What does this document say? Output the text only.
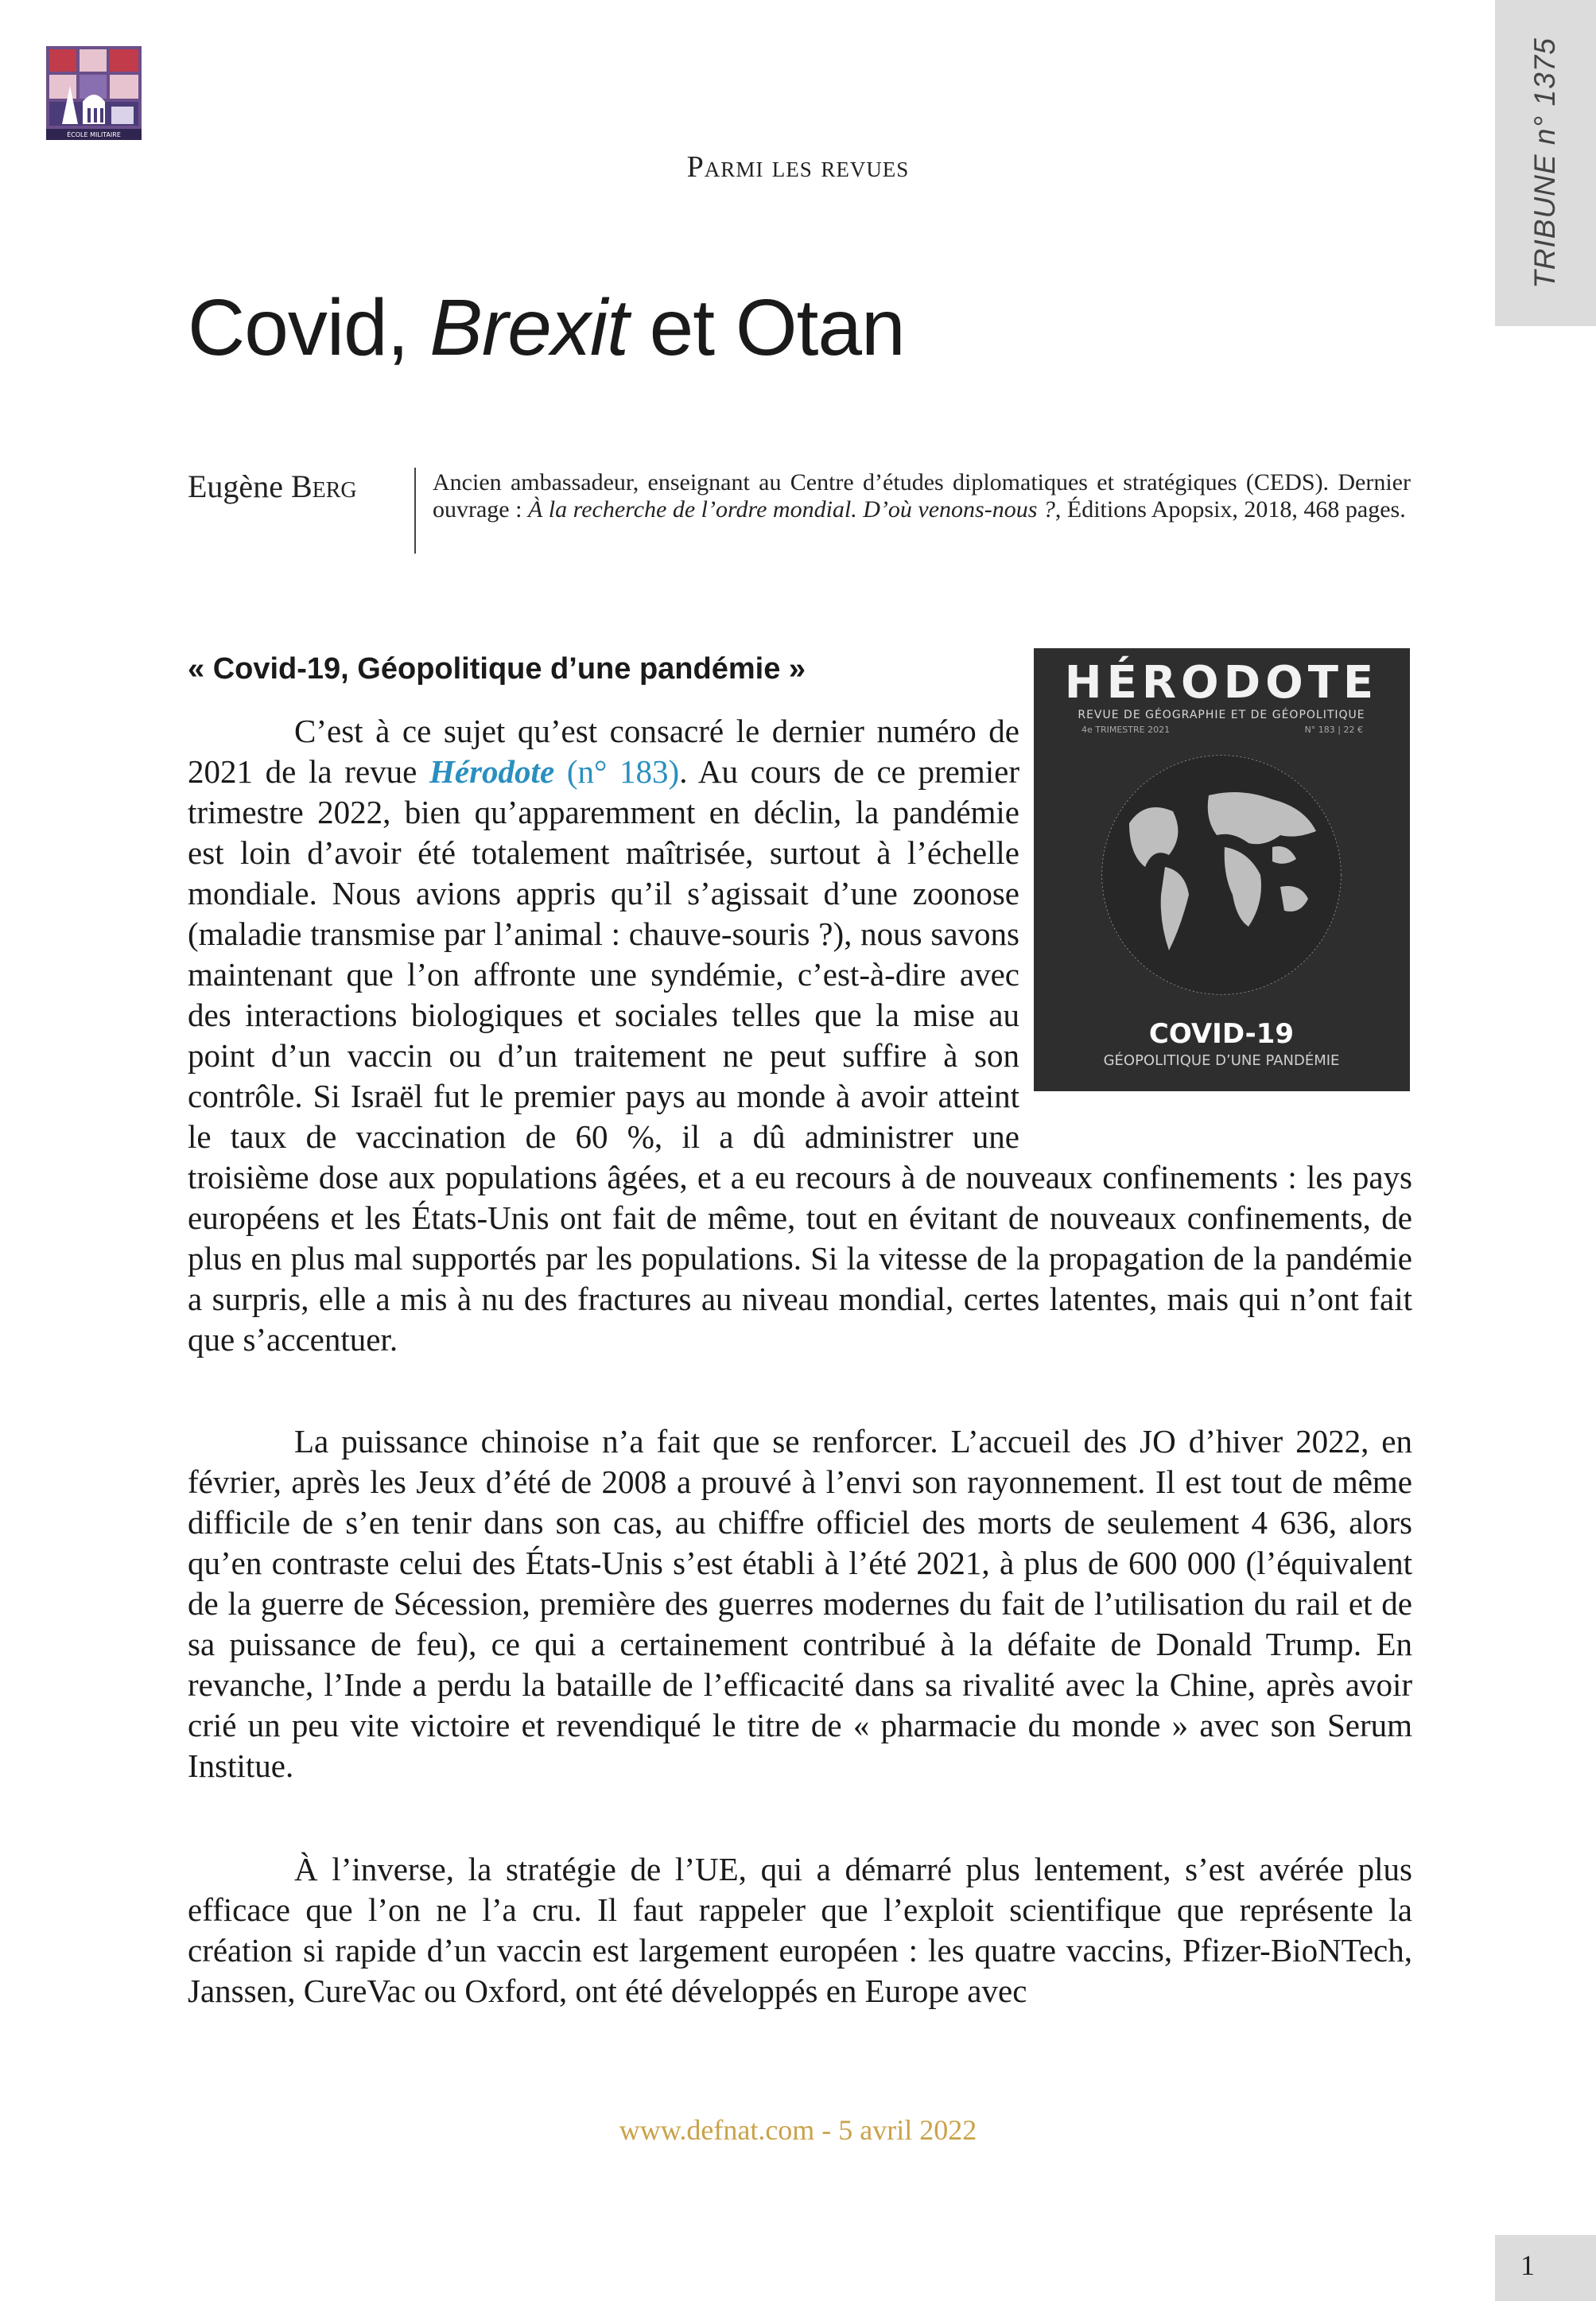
ÉCOLE MILITAIRE	TRIBUNE n° 1375
Parmi les revues
Covid, Brexit et Otan
Eugène Berg	Ancien ambassadeur, enseignant au Centre d’études diplomatiques et stratégiques (CEDS). Dernier ouvrage : À la recherche de l’ordre mondial. D’où venons-nous ?, Éditions Apopsix, 2018, 468 pages.
« Covid-19, Géopolitique d’une pandémie »	HÉRODOTE
REVUE DE GÉOGRAPHIE ET DE GÉOPOLITIQUE
4e TRIMESTRE 2021	N° 183 | 22 €
COVID-19
GÉOPOLITIQUE D’UNE PANDÉMIE

C’est à ce sujet qu’est consacré le dernier numéro de 2021 de la revue Hérodote (n° 183). Au cours de ce premier trimestre 2022, bien qu’apparemment en déclin, la pandémie est loin d’avoir été totalement maîtrisée, surtout à l’échelle mondiale. Nous avions appris qu’il s’agissait d’une zoonose (maladie transmise par l’animal : chauve-souris ?), nous savons maintenant que l’on affronte une syndémie, c’est-à-dire avec des interactions biologiques et sociales telles que la mise au point d’un vaccin ou d’un traitement ne peut suffire à son contrôle. Si Israël fut le premier pays au monde à avoir atteint le taux de vaccination de 60 %, il a dû administrer une troisième dose aux populations âgées, et a eu recours à de nouveaux confinements : les pays européens et les États-Unis ont fait de même, tout en évitant de nouveaux confinements, de plus en plus mal supportés par les populations. Si la vitesse de la propagation de la pandémie a surpris, elle a mis à nu des fractures au niveau mondial, certes latentes, mais qui n’ont fait que s’accentuer.

La puissance chinoise n’a fait que se renforcer. L’accueil des JO d’hiver 2022, en février, après les Jeux d’été de 2008 a prouvé à l’envi son rayonnement. Il est tout de même difficile de s’en tenir dans son cas, au chiffre officiel des morts de seulement 4 636, alors qu’en contraste celui des États-Unis s’est établi à l’été 2021, à plus de 600 000 (l’équivalent de la guerre de Sécession, première des guerres modernes du fait de l’utilisation du rail et de sa puissance de feu), ce qui a certainement contribué à la défaite de Donald Trump. En revanche, l’Inde a perdu la bataille de l’efficacité dans sa rivalité avec la Chine, après avoir crié un peu vite victoire et revendiqué le titre de « pharmacie du monde » avec son Serum Institue.

À l’inverse, la stratégie de l’UE, qui a démarré plus lentement, s’est avérée plus efficace que l’on ne l’a cru. Il faut rappeler que l’exploit scientifique que représente la création si rapide d’un vaccin est largement européen : les quatre vaccins, Pfizer-BioNTech, Janssen, CureVac ou Oxford, ont été développés en Europe avec

www.defnat.com - 5 avril 2022
1
